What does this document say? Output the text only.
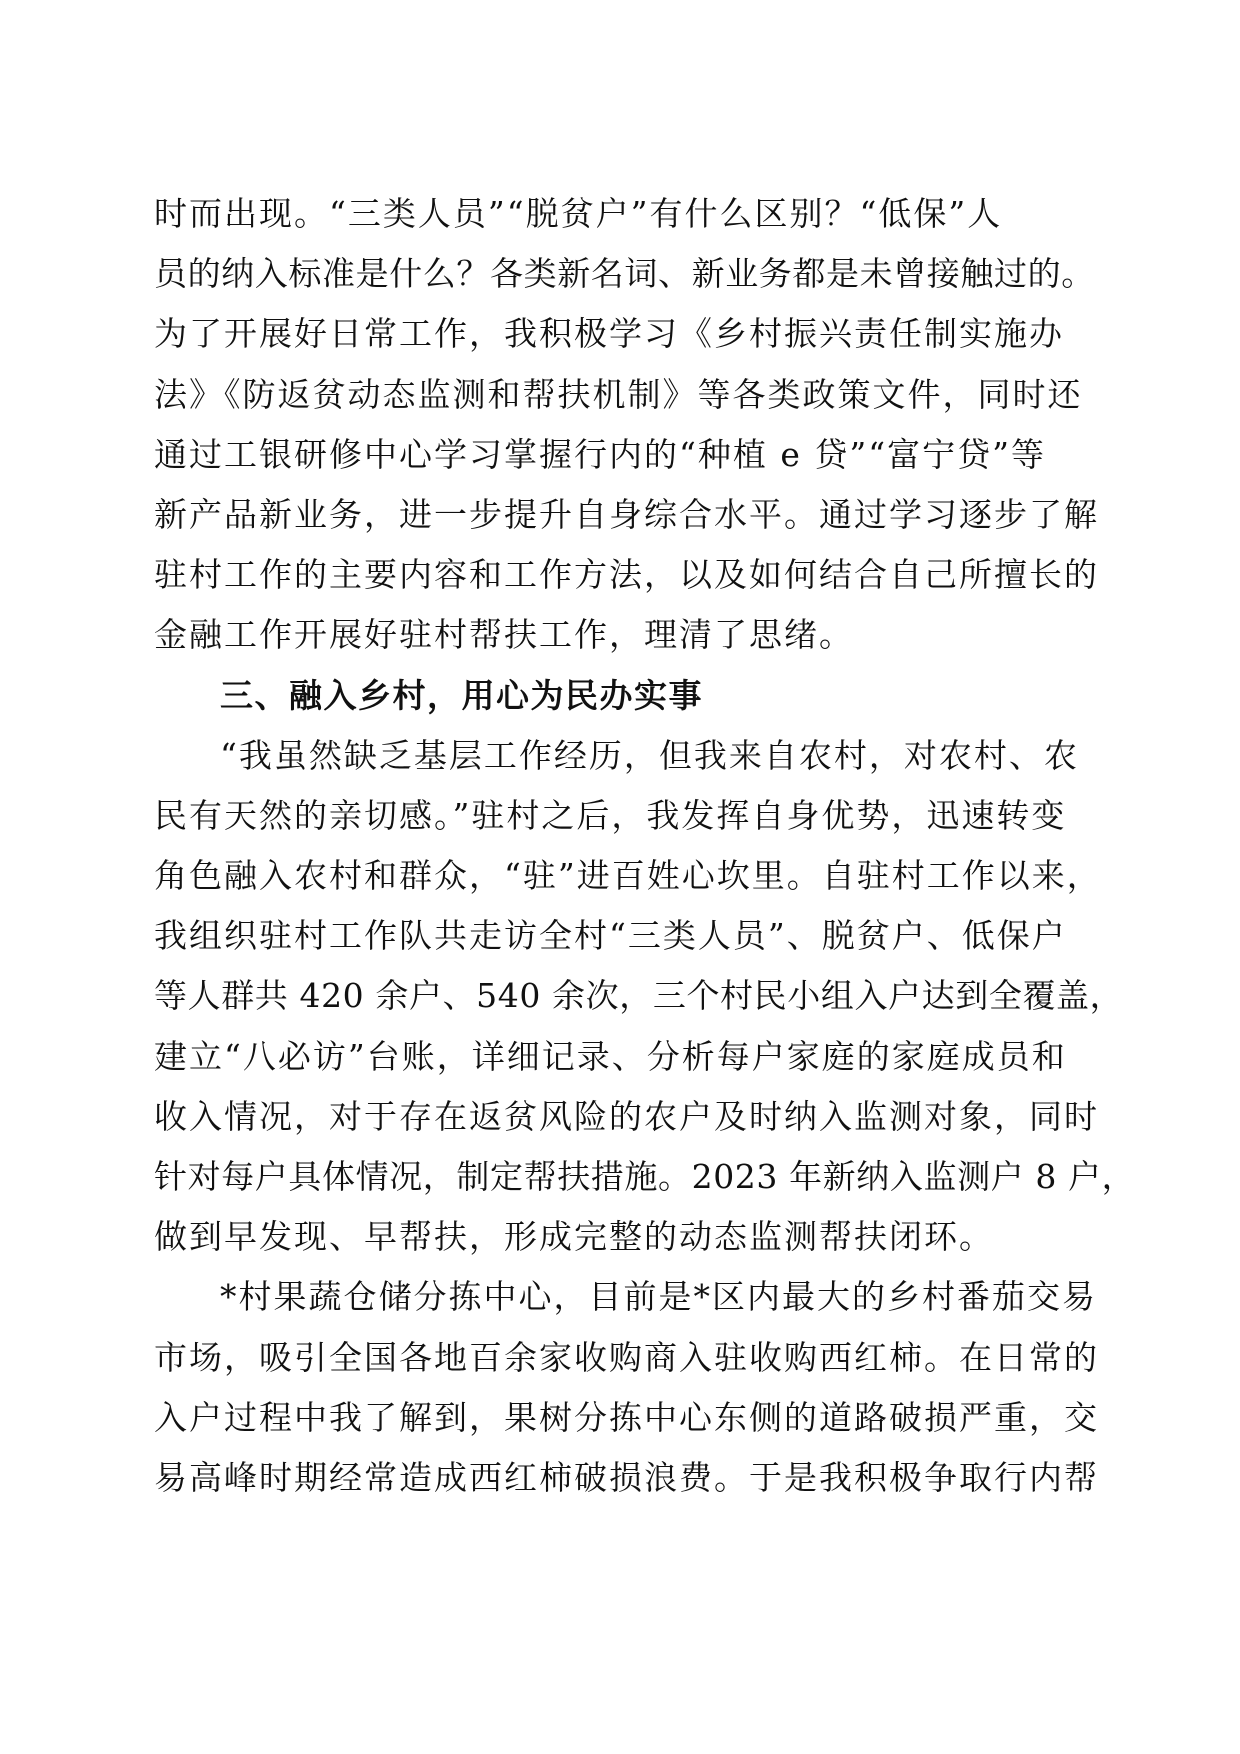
时而出现。“三类人员”“脱贫户”有什么区别？“低保”人
员的纳入标准是什么？各类新名词、新业务都是未曾接触过的。
为了开展好日常工作，我积极学习《乡村振兴责任制实施办
法》《防返贫动态监测和帮扶机制》等各类政策文件，同时还
通过工银研修中心学习掌握行内的“种植 e 贷”“富宁贷”等
新产品新业务，进一步提升自身综合水平。通过学习逐步了解
驻村工作的主要内容和工作方法，以及如何结合自己所擅长的
金融工作开展好驻村帮扶工作，理清了思绪。
三、融入乡村，用心为民办实事
“我虽然缺乏基层工作经历，但我来自农村，对农村、农
民有天然的亲切感。”驻村之后，我发挥自身优势，迅速转变
角色融入农村和群众，“驻”进百姓心坎里。自驻村工作以来，
我组织驻村工作队共走访全村“三类人员”、脱贫户、低保户
等人群共 420 余户、540 余次，三个村民小组入户达到全覆盖，
建立“八必访”台账，详细记录、分析每户家庭的家庭成员和
收入情况，对于存在返贫风险的农户及时纳入监测对象，同时
针对每户具体情况，制定帮扶措施。2023 年新纳入监测户 8 户，
做到早发现、早帮扶，形成完整的动态监测帮扶闭环。
*村果蔬仓储分拣中心，目前是*区内最大的乡村番茄交易
市场，吸引全国各地百余家收购商入驻收购西红柿。在日常的
入户过程中我了解到，果树分拣中心东侧的道路破损严重，交
易高峰时期经常造成西红柿破损浪费。于是我积极争取行内帮
